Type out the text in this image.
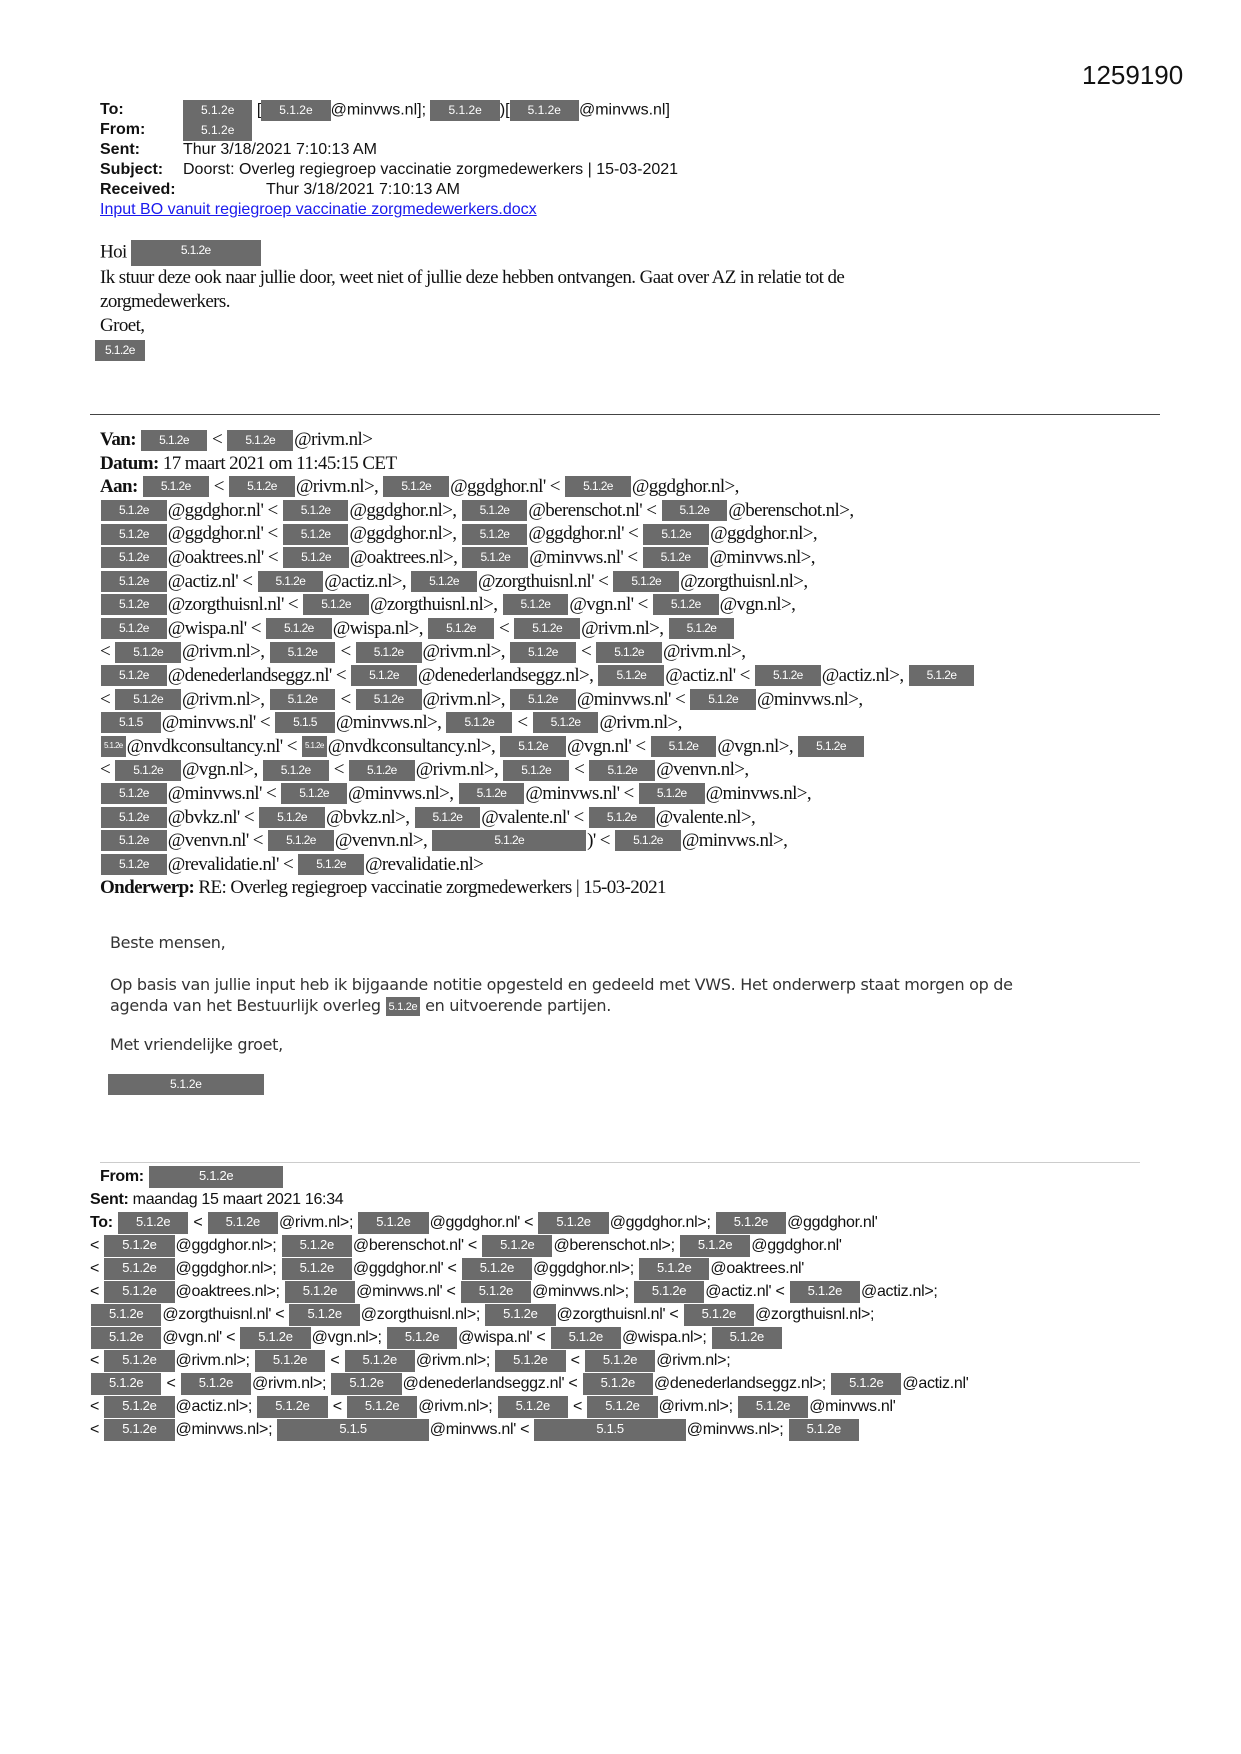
1259190
To:	5.1.2e [ 5.1.2e @minvws.nl]; 5.1.2e )[ 5.1.2e @minvws.nl]
From:	5.1.2e
Sent:	Thur 3/18/2021 7:10:13 AM
Subject:	Doorst: Overleg regiegroep vaccinatie zorgmedewerkers | 15-03-2021
Received:	Thur 3/18/2021 7:10:13 AM
Input BO vanuit regiegroep vaccinatie zorgmedewerkers.docx
Hoi	5.1.2e
Ik stuur deze ook naar jullie door, weet niet of jullie deze hebben ontvangen. Gaat over AZ in relatie tot de
zorgmedewerkers.
Groet,
5.1.2e
Van:
	5.1.2e < 5.1.2e @rivm.nl>
Datum:
17 maart 2021 om 11:45:15 CET
Aan:	5.1.2e	<	5.1.2e	@rivm.nl>,	5.1.2e	@ggdghor.nl' <	5.1.2e	@ggdghor.nl>,
5.1.2e	@ggdghor.nl' <	5.1.2e	@ggdghor.nl>,	5.1.2e	@berenschot.nl' <	5.1.2e	@berenschot.nl>,
5.1.2e	@ggdghor.nl' <	5.1.2e	@ggdghor.nl>,	5.1.2e	@ggdghor.nl' <	5.1.2e	@ggdghor.nl>,
5.1.2e	@oaktrees.nl' <	5.1.2e	@oaktrees.nl>,	5.1.2e	@minvws.nl' <	5.1.2e	@minvws.nl>,
5.1.2e	@actiz.nl' <	5.1.2e	@actiz.nl>,	5.1.2e	@zorgthuisnl.nl' <	5.1.2e	@zorgthuisnl.nl>,
5.1.2e	@zorgthuisnl.nl' <	5.1.2e	@zorgthuisnl.nl>,	5.1.2e	@vgn.nl' <	5.1.2e	@vgn.nl>,
5.1.2e	@wispa.nl' <	5.1.2e	@wispa.nl>,	5.1.2e	<	5.1.2e	@rivm.nl>,	5.1.2e
<	5.1.2e	@rivm.nl>,	5.1.2e	<	5.1.2e	@rivm.nl>,	5.1.2e	<	5.1.2e	@rivm.nl>,
5.1.2e	@denederlandseggz.nl' <	5.1.2e	@denederlandseggz.nl>,	5.1.2e	@actiz.nl' <	5.1.2e	@actiz.nl>,	5.1.2e
<	5.1.2e	@rivm.nl>,	5.1.2e	<	5.1.2e	@rivm.nl>,	5.1.2e	@minvws.nl' <	5.1.2e	@minvws.nl>,
5.1.5	@minvws.nl' <	5.1.5	@minvws.nl>,	5.1.2e	<	5.1.2e	@rivm.nl>,
5.1.2e @nvdkconsultancy.nl' < 5.1.2e @nvdkconsultancy.nl>,	5.1.2e	@vgn.nl' <	5.1.2e	@vgn.nl>,	5.1.2e
<	5.1.2e	@vgn.nl>,	5.1.2e	<	5.1.2e	@rivm.nl>,	5.1.2e	<	5.1.2e	@venvn.nl>,
5.1.2e	@minvws.nl' <	5.1.2e	@minvws.nl>,	5.1.2e	@minvws.nl' <	5.1.2e	@minvws.nl>,
5.1.2e	@bvkz.nl' <	5.1.2e	@bvkz.nl>,	5.1.2e	@valente.nl' <	5.1.2e	@valente.nl>,
5.1.2e	@venvn.nl' <	5.1.2e	@venvn.nl>,	5.1.2e	)' <	5.1.2e	@minvws.nl>,
5.1.2e	@revalidatie.nl' <	5.1.2e	@revalidatie.nl>
Onderwerp:
RE: Overleg regiegroep vaccinatie zorgmedewerkers | 15-03-2021
Beste mensen,
Op basis van jullie input heb ik bijgaande notitie opgesteld en gedeeld met VWS. Het onderwerp staat morgen op de
agenda van het Bestuurlijk overleg 5.1.2e en uitvoerende partijen.
Met vriendelijke groet,
5.1.2e
From:
	5.1.2e
Sent:
maandag 15 maart 2021 16:34
To:	5.1.2e	<	5.1.2e	@rivm.nl>;	5.1.2e	@ggdghor.nl' <	5.1.2e	@ggdghor.nl>;	5.1.2e	@ggdghor.nl'
<	5.1.2e	@ggdghor.nl>;	5.1.2e	@berenschot.nl' <	5.1.2e	@berenschot.nl>;	5.1.2e	@ggdghor.nl'
<	5.1.2e	@ggdghor.nl>;	5.1.2e	@ggdghor.nl' <	5.1.2e	@ggdghor.nl>;	5.1.2e	@oaktrees.nl'
<	5.1.2e	@oaktrees.nl>;	5.1.2e	@minvws.nl' <	5.1.2e	@minvws.nl>;	5.1.2e	@actiz.nl' <	5.1.2e	@actiz.nl>;
5.1.2e	@zorgthuisnl.nl' <	5.1.2e	@zorgthuisnl.nl>;	5.1.2e	@zorgthuisnl.nl' <	5.1.2e	@zorgthuisnl.nl>;
5.1.2e	@vgn.nl' <	5.1.2e	@vgn.nl>;	5.1.2e	@wispa.nl' <	5.1.2e	@wispa.nl>;	5.1.2e
<	5.1.2e	@rivm.nl>;	5.1.2e	<	5.1.2e	@rivm.nl>;	5.1.2e	<	5.1.2e	@rivm.nl>;
5.1.2e	<	5.1.2e	@rivm.nl>;	5.1.2e	@denederlandseggz.nl' <	5.1.2e	@denederlandseggz.nl>;	5.1.2e	@actiz.nl'
<	5.1.2e	@actiz.nl>;	5.1.2e	<	5.1.2e	@rivm.nl>;	5.1.2e	<	5.1.2e	@rivm.nl>;	5.1.2e	@minvws.nl'
<	5.1.2e	@minvws.nl>;	5.1.5	@minvws.nl' <	5.1.5	@minvws.nl>;	5.1.2e
